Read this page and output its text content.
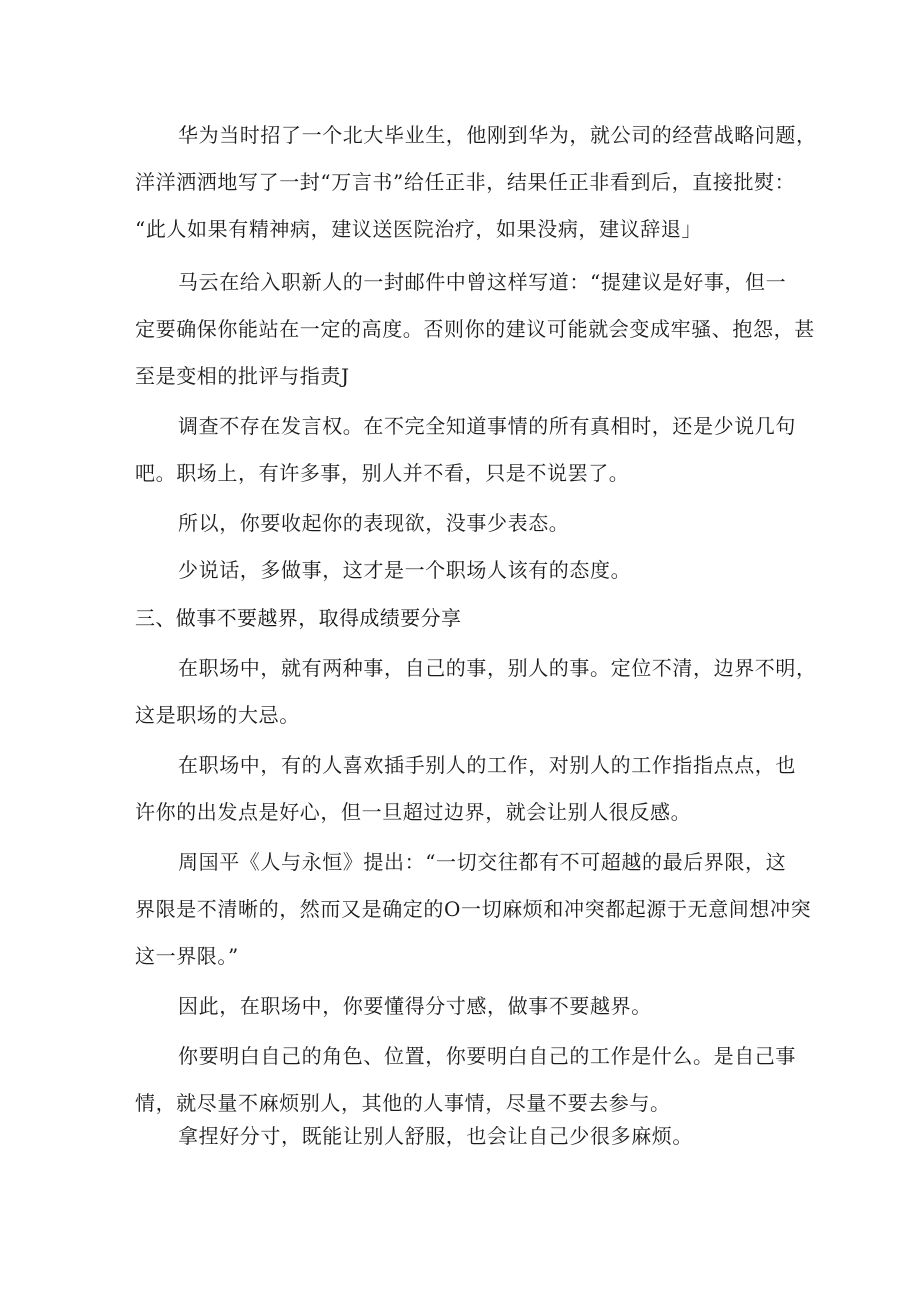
华为当时招了一个北大毕业生，他刚到华为，就公司的经营战略问题，
洋洋洒洒地写了一封“万言书”给任正非，结果任正非看到后，直接批熨：
“此人如果有精神病，建议送医院治疗，如果没病，建议辞退」
马云在给入职新人的一封邮件中曾这样写道：“提建议是好事，但一
定要确保你能站在一定的高度。否则你的建议可能就会变成牢骚、抱怨，甚
至是变相的批评与指责J
调查不存在发言权。在不完全知道事情的所有真相时，还是少说几句
吧。职场上，有许多事，别人并不看，只是不说罢了。
所以，你要收起你的表现欲，没事少表态。
少说话，多做事，这才是一个职场人该有的态度。
三、做事不要越界，取得成绩要分享
在职场中，就有两种事，自己的事，别人的事。定位不清，边界不明，
这是职场的大忌。
在职场中，有的人喜欢插手别人的工作，对别人的工作指指点点，也
许你的出发点是好心，但一旦超过边界，就会让别人很反感。
周国平《人与永恒》提出：“一切交往都有不可超越的最后界限，这
界限是不清晰的，然而又是确定的O一切麻烦和冲突都起源于无意间想冲突
这一界限。”
因此，在职场中，你要懂得分寸感，做事不要越界。
你要明白自己的角色、位置，你要明白自己的工作是什么。是自己事
情，就尽量不麻烦别人，其他的人事情，尽量不要去参与。
拿捏好分寸，既能让别人舒服，也会让自己少很多麻烦。
